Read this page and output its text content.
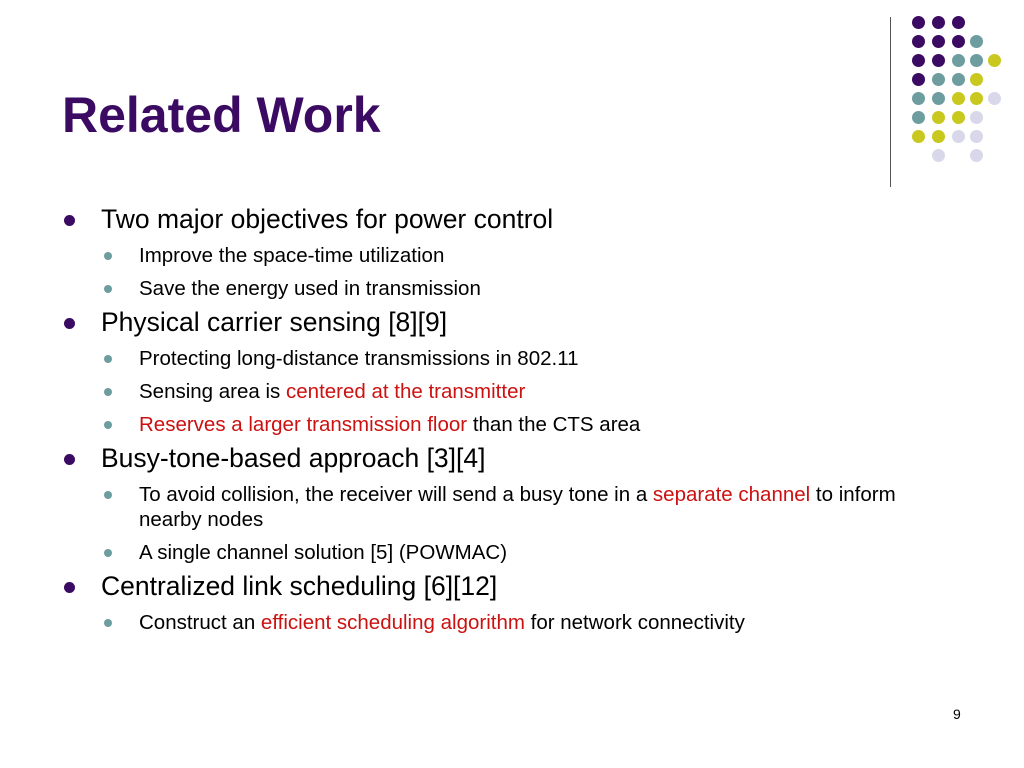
Related Work
Two major objectives for power control
Improve the space-time utilization
Save the energy used in transmission
Physical carrier sensing [8][9]
Protecting long-distance transmissions in 802.11
Sensing area is centered at the transmitter
Reserves a larger transmission floor than the CTS area
Busy-tone-based approach [3][4]
To avoid collision, the receiver will send a busy tone in a separate channel to inform nearby nodes
A single channel solution [5] (POWMAC)
Centralized link scheduling [6][12]
Construct an efficient scheduling algorithm for network connectivity
9
